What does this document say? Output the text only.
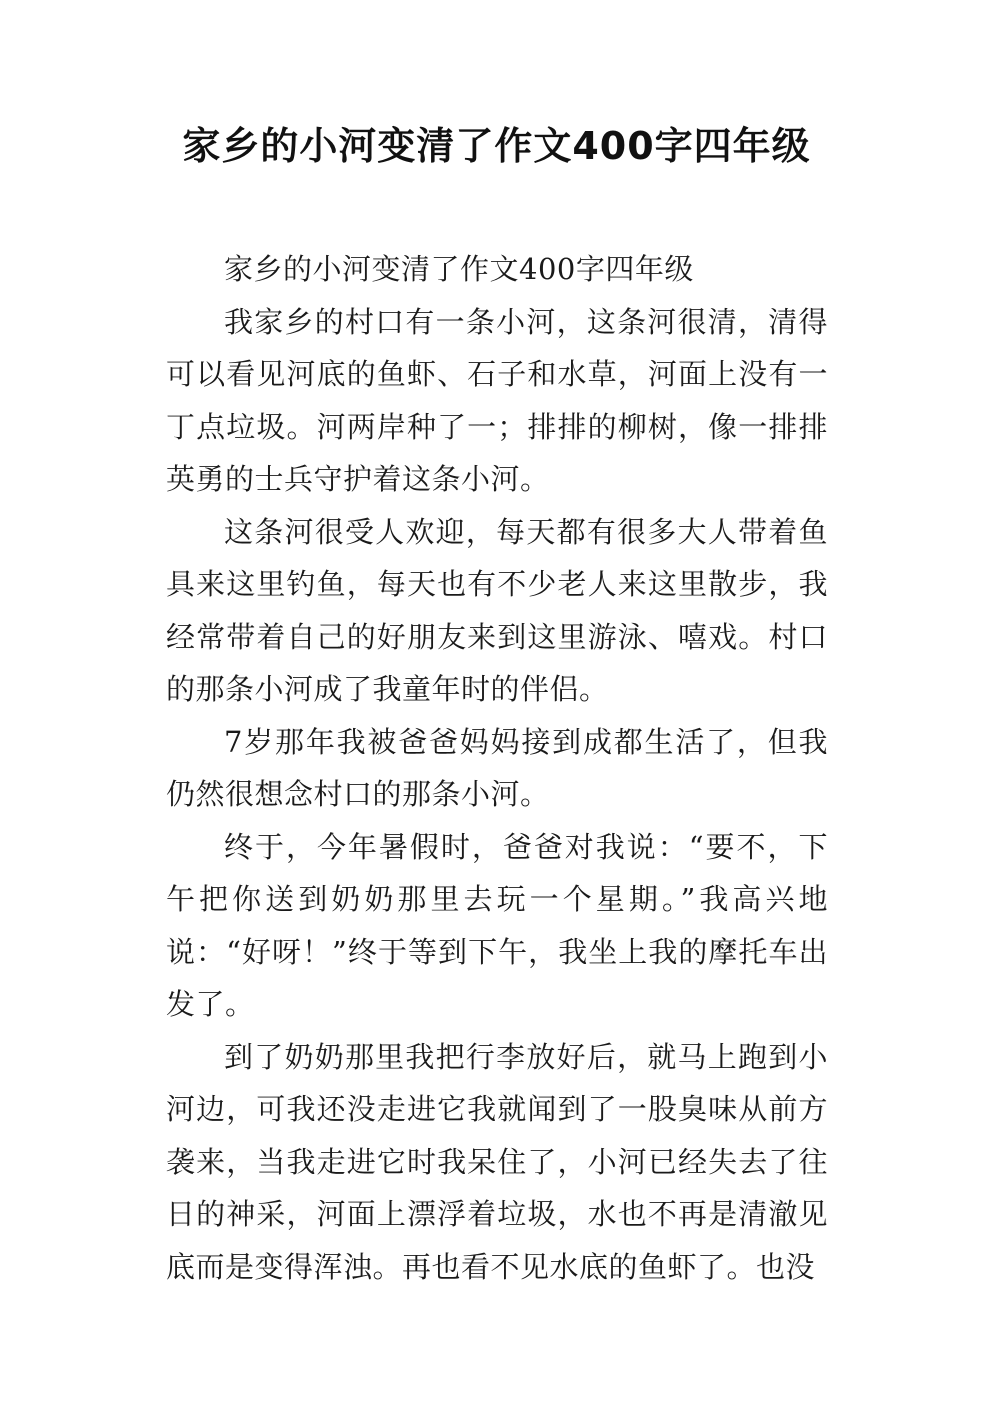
家乡的小河变清了作文400字四年级

家乡的小河变清了作文400字四年级

我家乡的村口有一条小河，这条河很清，清得可以看见河底的鱼虾、石子和水草，河面上没有一丁点垃圾。河两岸种了一；排排的柳树，像一排排英勇的士兵守护着这条小河。

这条河很受人欢迎，每天都有很多大人带着鱼具来这里钓鱼，每天也有不少老人来这里散步，我经常带着自己的好朋友来到这里游泳、嘻戏。村口的那条小河成了我童年时的伴侣。

7岁那年我被爸爸妈妈接到成都生活了，但我仍然很想念村口的那条小河。

终于，今年暑假时，爸爸对我说：“要不，下午把你送到奶奶那里去玩一个星期。”我高兴地说：“好呀！”终于等到下午，我坐上我的摩托车出发了。

到了奶奶那里我把行李放好后，就马上跑到小河边，可我还没走进它我就闻到了一股臭味从前方袭来，当我走进它时我呆住了，小河已经失去了往日的神采，河面上漂浮着垃圾，水也不再是清澈见底而是变得浑浊。再也看不见水底的鱼虾了。也没
